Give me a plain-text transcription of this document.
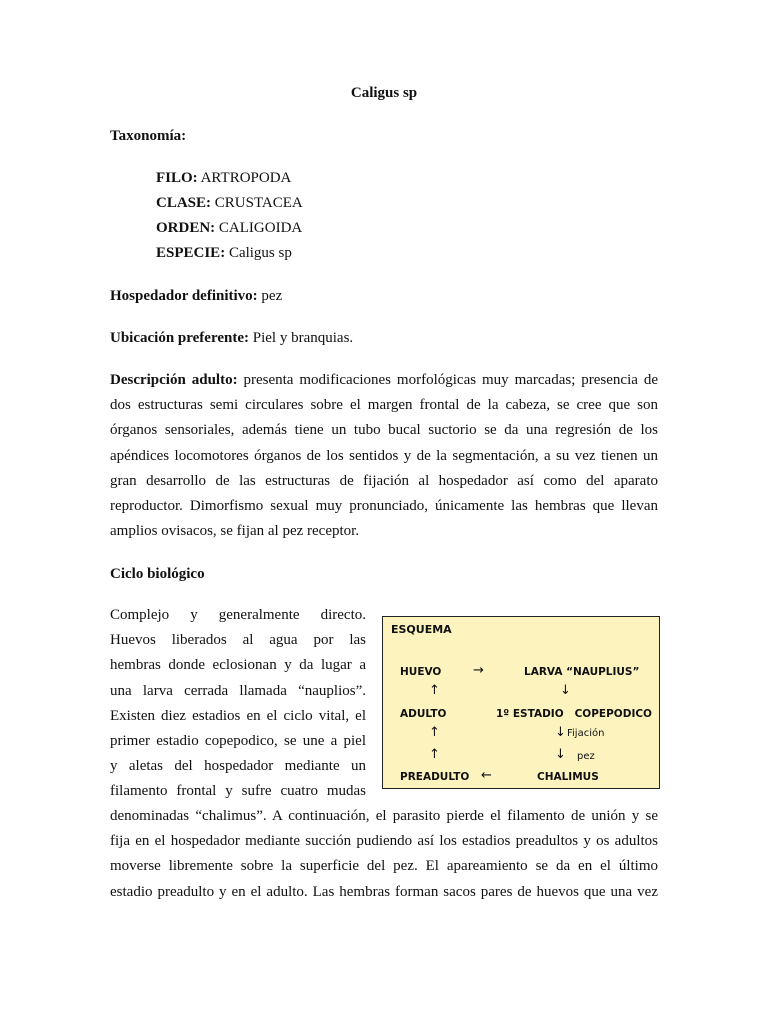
Caligus sp
Taxonomía:
FILO: ARTROPODA
CLASE: CRUSTACEA
ORDEN: CALIGOIDA
ESPECIE: Caligus sp
Hospedador definitivo: pez
Ubicación preferente: Piel y branquias.
Descripción adulto: presenta modificaciones morfológicas muy marcadas; presencia de
dos estructuras semi circulares sobre el margen frontal de la cabeza, se cree que son
órganos sensoriales, además tiene un tubo bucal suctorio se da una regresión de los
apéndices locomotores órganos de los sentidos y de la segmentación, a su vez tienen un
gran desarrollo de las estructuras de fijación al hospedador así como del aparato
reproductor. Dimorfismo sexual muy pronunciado, únicamente las hembras que llevan
amplios ovisacos, se fijan al pez receptor.
Ciclo biológico
Complejo y generalmente directo.
Huevos liberados al agua por las
hembras donde eclosionan y da lugar a
una larva cerrada llamada “nauplios”.
Existen diez estadios en el ciclo vital, el
primer estadio copepodico, se une a piel
y aletas del hospedador mediante un
filamento frontal y sufre cuatro mudas
denominadas “chalimus”. A continuación, el parasito pierde el filamento de unión y se
fija en el hospedador mediante succión pudiendo así los estadios preadultos y os adultos
moverse libremente sobre la superficie del pez. El apareamiento se da en el último
estadio preadulto y en el adulto. Las hembras forman sacos pares de huevos que una vez
ESQUEMA
HUEVO →	LARVA “NAUPLIUS”
↑	↓
ADULTO	1º ESTADIO   COPEPODICO
↑	↓ Fijación
↑	↓ pez
PREADULTO ←	CHALIMUS
